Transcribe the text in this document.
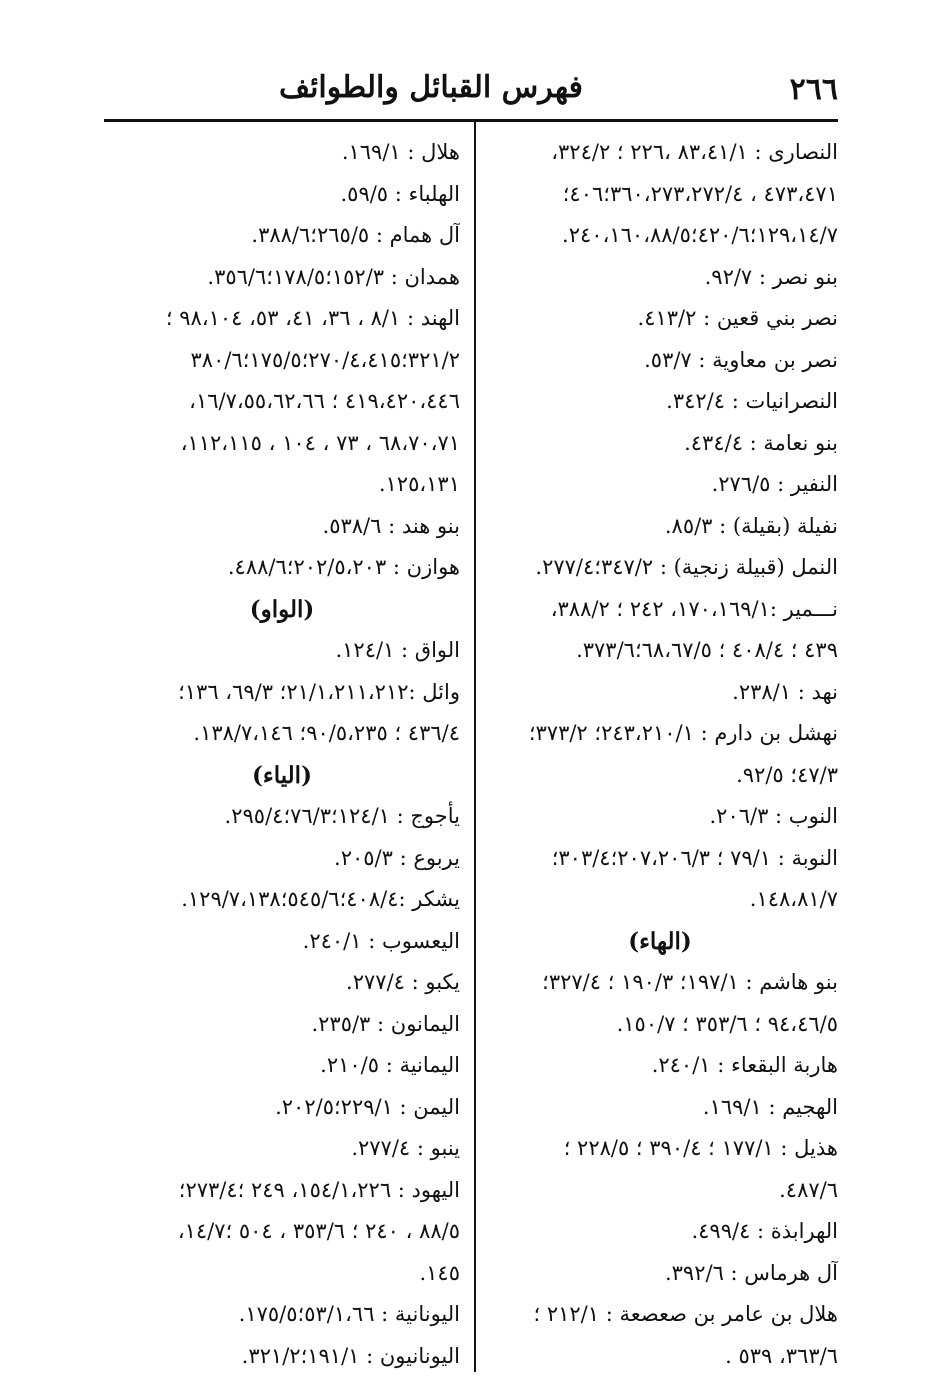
٢٦٦
فهرس القبائل والطوائف
النصارى : ٨٣،٤١/١ ،٢٢٦ ؛ ٣٢٤/٢،
٤٧٣،٤٧١ ، ٣٦٠،٢٧٣،٢٧٢/٤؛٤٠٦؛
١٢٩،١٤/٧؛٤٢٠/٦؛٢٤٠،١٦٠،٨٨/٥.
بنو نصر : ٩٢/٧.
نصر بني قعين : ٤١٣/٢.
نصر بن معاوية : ٥٣/٧.
النصرانيات : ٣٤٢/٤.
بنو نعامة : ٤٣٤/٤.
النفير : ٢٧٦/٥.
نفيلة (بقيلة) : ٨٥/٣.
النمل (قبيلة زنجية) : ٣٤٧/٢؛٢٧٧/٤.
نـــمير :١٧٠،١٦٩/١، ٢٤٢ ؛ ٣٨٨/٢،
٤٣٩ ؛ ٤٠٨/٤ ؛ ٦٨،٦٧/٥؛٣٧٣/٦.
نهد : ٢٣٨/١.
نهشل بن دارم : ٢٤٣،٢١٠/١؛ ٣٧٣/٢؛
٤٧/٣؛ ٩٢/٥.
النوب : ٢٠٦/٣.
النوبة : ٧٩/١ ؛ ٢٠٧،٢٠٦/٣؛٣٠٣/٤؛
١٤٨،٨١/٧.
(الهاء)
بنو هاشم : ١٩٧/١؛ ١٩٠/٣ ؛ ٣٢٧/٤؛
٩٤،٤٦/٥ ؛ ٣٥٣/٦ ؛ ١٥٠/٧.
هاربة البقعاء : ٢٤٠/١.
الهجيم : ١٦٩/١.
هذيل : ١٧٧/١ ؛ ٣٩٠/٤ ؛ ٢٢٨/٥ ؛
٤٨٧/٦.
الهرابذة : ٤٩٩/٤.
آل هرماس : ٣٩٢/٦.
هلال بن عامر بن صعصعة : ٢١٢/١ ؛
٣٦٣/٦، ٥٣٩ .
هلال : ١٦٩/١.
الهلباء : ٥٩/٥.
آل همام : ٢٦٥/٥؛٣٨٨/٦.
همدان : ١٥٢/٣؛١٧٨/٥؛٣٥٦/٦.
الهند : ٨/١ ، ٣٦، ٤١، ٥٣، ٩٨،١٠٤ ؛
٣٢١/٢؛٢٧٠/٤،٤١٥؛١٧٥/٥؛٣٨٠/٦
٤١٩،٤٢٠،٤٤٦ ؛ ١٦/٧،٥٥،٦٢،٦٦،
٦٨،٧٠،٧١ ، ٧٣ ، ١٠٤ ، ١١٢،١١٥،
١٢٥،١٣١.
بنو هند : ٥٣٨/٦.
هوازن : ٢٠٢/٥،٢٠٣؛٤٨٨/٦.
(الواو)
الواق : ١٢٤/١.
وائل :٢١/١،٢١١،٢١٢؛ ٦٩/٣، ١٣٦؛
٤٣٦/٤ ؛ ٩٠/٥،٢٣٥؛ ١٣٨/٧،١٤٦.
(الياء)
يأجوج : ١٢٤/١؛٧٦/٣؛٢٩٥/٤.
يربوع : ٢٠٥/٣.
يشكر :٤٠٨/٤؛٥٤٥/٦؛١٢٩/٧،١٣٨.
اليعسوب : ٢٤٠/١.
يكبو : ٢٧٧/٤.
اليمانون : ٢٣٥/٣.
اليمانية : ٢١٠/٥.
اليمن : ٢٢٩/١؛٢٠٢/٥.
ينبو : ٢٧٧/٤.
اليهود : ١٥٤/١،٢٢٦، ٢٤٩ ؛٢٧٣/٤؛
٨٨/٥ ، ٢٤٠ ؛ ٣٥٣/٦ ، ٥٠٤ ؛١٤/٧،
١٤٥.
اليونانية : ٥٣/١،٦٦؛١٧٥/٥.
اليونانيون : ١٩١/١؛٣٢١/٢.
